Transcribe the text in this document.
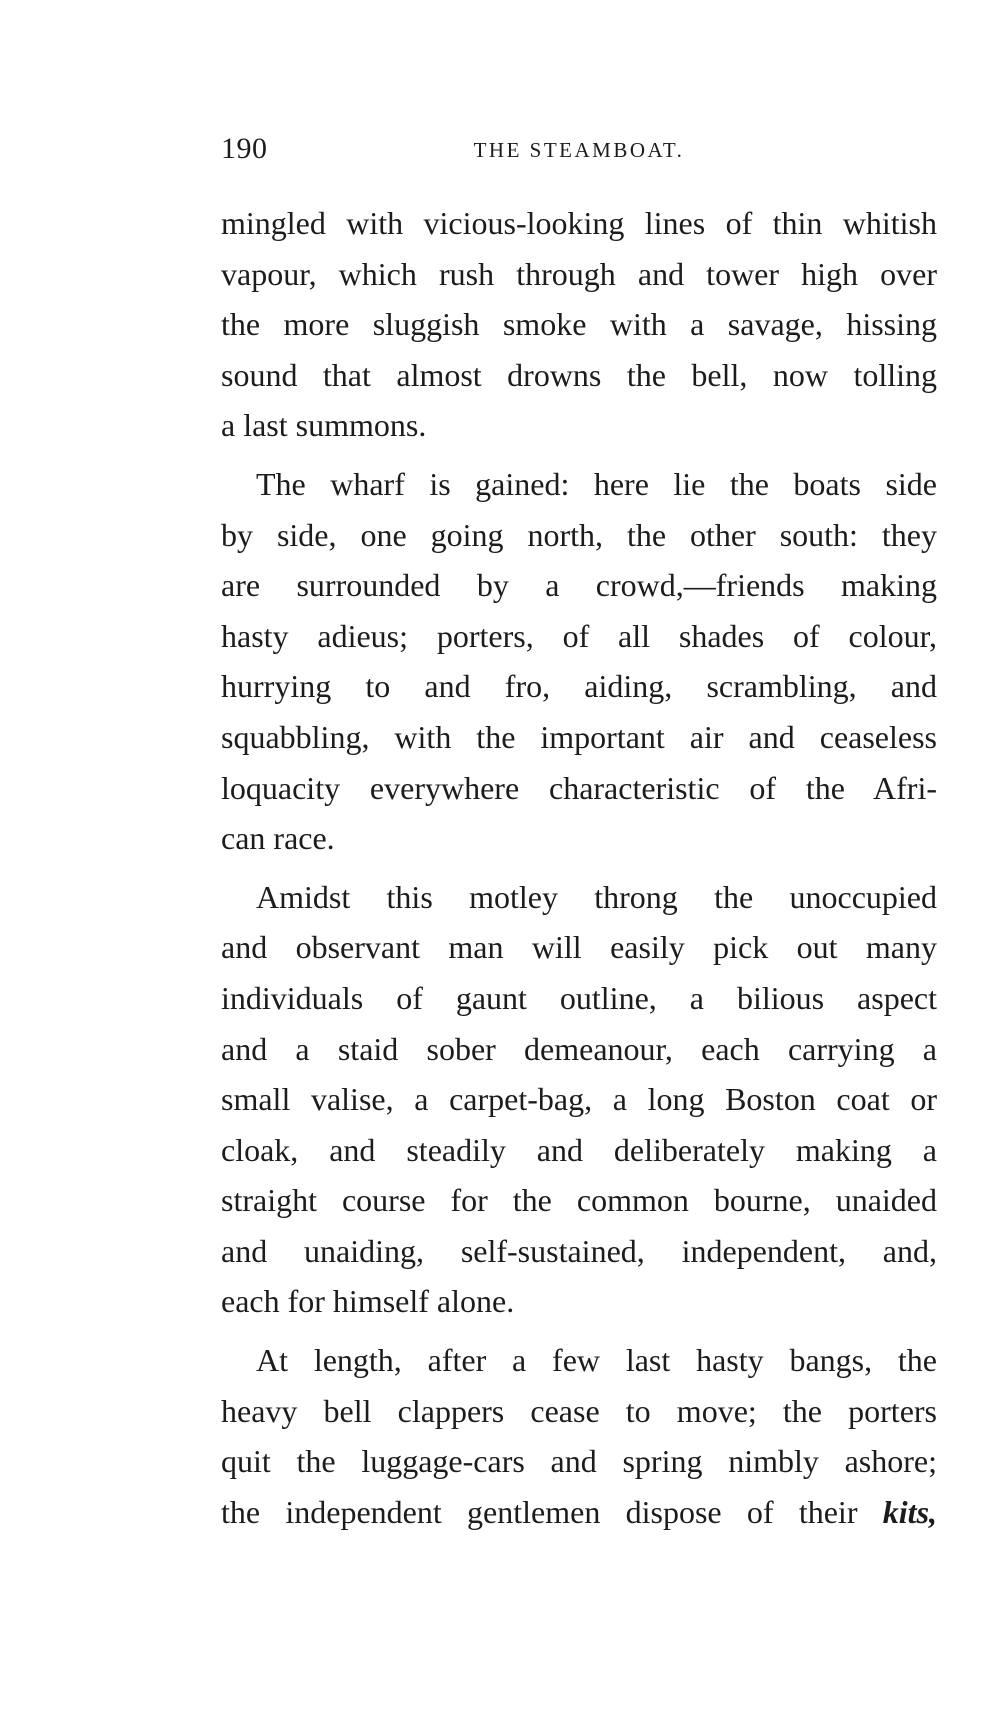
190	THE STEAMBOAT.
mingled with vicious-looking lines of thin whitish
vapour, which rush through and tower high over
the more sluggish smoke with a savage, hissing
sound that almost drowns the bell, now tolling
a last summons.
The wharf is gained: here lie the boats side
by side, one going north, the other south: they
are surrounded by a crowd,—friends making
hasty adieus; porters, of all shades of colour,
hurrying to and fro, aiding, scrambling, and
squabbling, with the important air and ceaseless
loquacity everywhere characteristic of the Afri-
can race.
Amidst this motley throng the unoccupied
and observant man will easily pick out many
individuals of gaunt outline, a bilious aspect
and a staid sober demeanour, each carrying a
small valise, a carpet-bag, a long Boston coat or
cloak, and steadily and deliberately making a
straight course for the common bourne, unaided
and unaiding, self-sustained, independent, and,
each for himself alone.
At length, after a few last hasty bangs, the
heavy bell clappers cease to move; the porters
quit the luggage-cars and spring nimbly ashore;
the independent gentlemen dispose of their kits,
